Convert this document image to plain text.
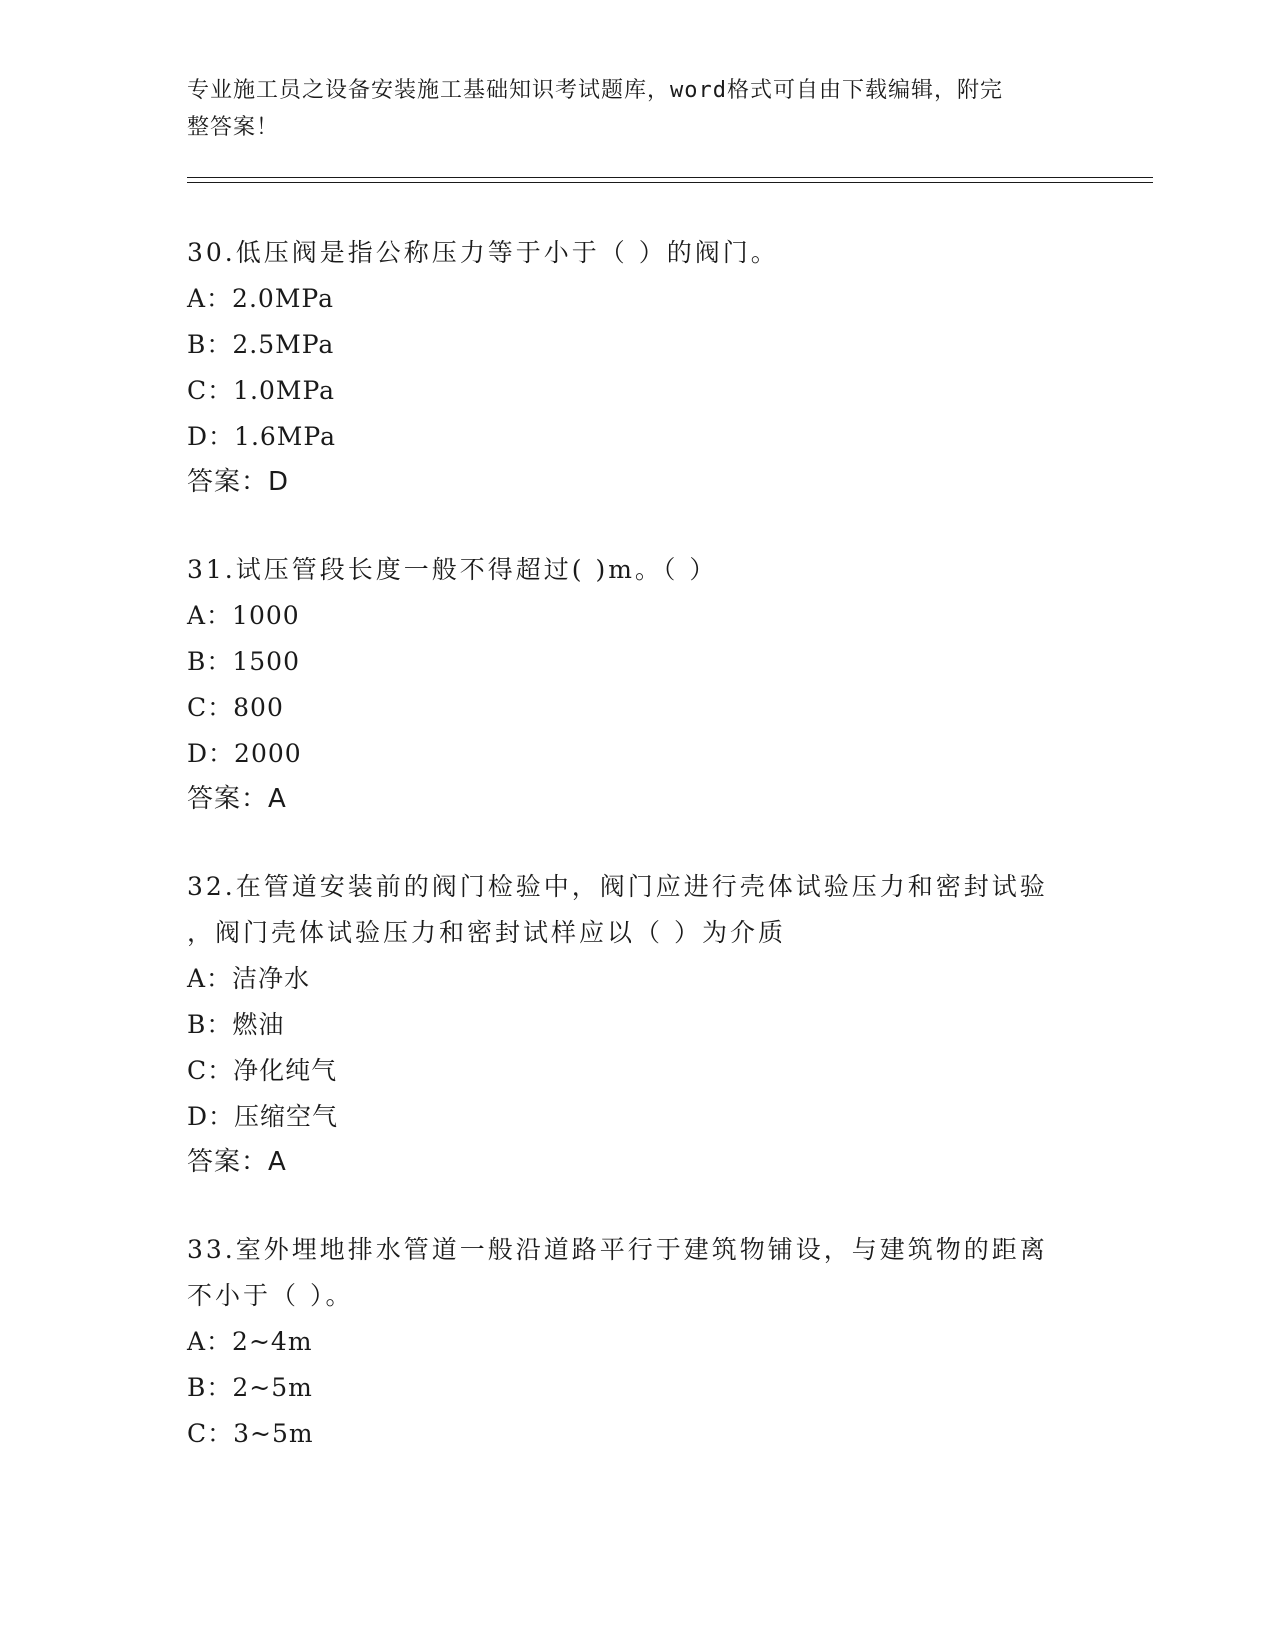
专业施工员之设备安装施工基础知识考试题库，word格式可自由下载编辑，附完
整答案！
30.低压阀是指公称压力等于小于（ ）的阀门。
A：2.0MPa
B：2.5MPa
C：1.0MPa
D：1.6MPa
答案：D
31.试压管段长度一般不得超过( )m。（ ）
A：1000
B：1500
C：800
D：2000
答案：A
32.在管道安装前的阀门检验中，阀门应进行壳体试验压力和密封试验
，阀门壳体试验压力和密封试样应以（ ）为介质
A：洁净水
B：燃油
C：净化纯气
D：压缩空气
答案：A
33.室外埋地排水管道一般沿道路平行于建筑物铺设，与建筑物的距离
不小于（ ）。
A：2~4m
B：2~5m
C：3~5m
